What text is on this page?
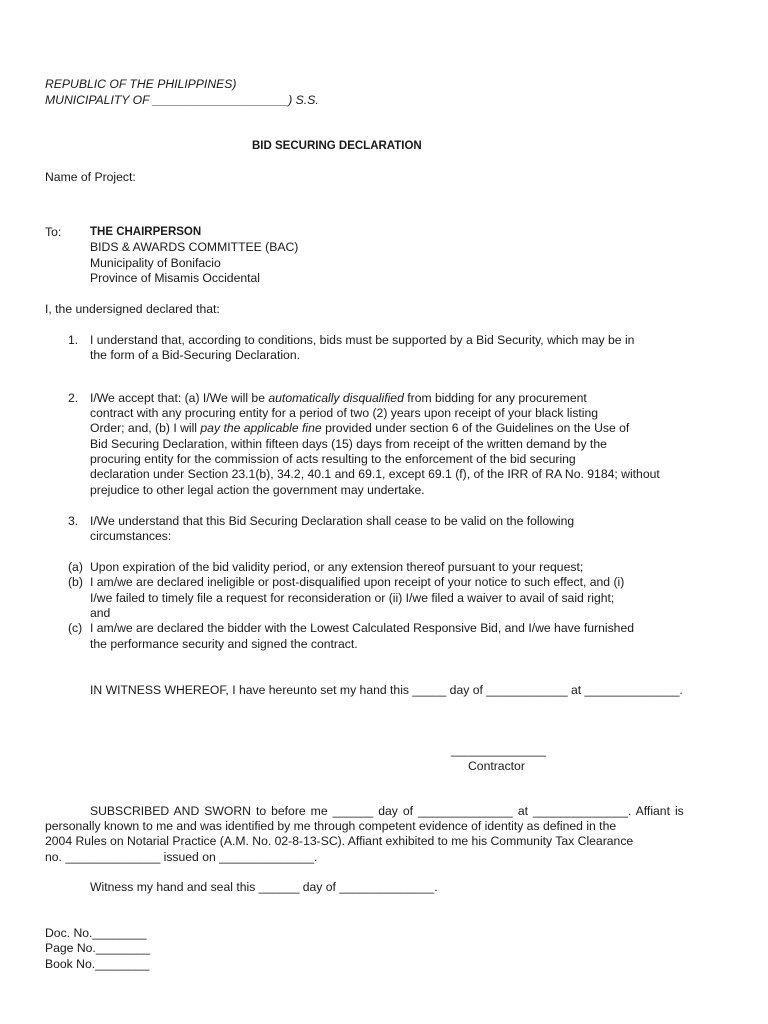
REPUBLIC OF THE PHILIPPINES)
MUNICIPALITY OF ____________________) S.S.
BID SECURING DECLARATION
Name of Project:
To: THE CHAIRPERSON
BIDS & AWARDS COMMITTEE (BAC)
Municipality of Bonifacio
Province of Misamis Occidental
I, the undersigned declared that:
1. I understand that, according to conditions, bids must be supported by a Bid Security, which may be in
the form of a Bid-Securing Declaration.
2. I/We accept that: (a) I/We will be automatically disqualified from bidding for any procurement
contract with any procuring entity for a period of two (2) years upon receipt of your black listing
Order; and, (b) I will pay the applicable fine provided under section 6 of the Guidelines on the Use of
Bid Securing Declaration, within fifteen days (15) days from receipt of the written demand by the
procuring entity for the commission of acts resulting to the enforcement of the bid securing
declaration under Section 23.1(b), 34.2, 40.1 and 69.1, except 69.1 (f), of the IRR of RA No. 9184; without
prejudice to other legal action the government may undertake.
3. I/We understand that this Bid Securing Declaration shall cease to be valid on the following
circumstances:
(a) Upon expiration of the bid validity period, or any extension thereof pursuant to your request;
(b) I am/we are declared ineligible or post-disqualified upon receipt of your notice to such effect, and (i)
I/we failed to timely file a request for reconsideration or (ii) I/we filed a waiver to avail of said right;
and
(c) I am/we are declared the bidder with the Lowest Calculated Responsive Bid, and I/we have furnished
the performance security and signed the contract.
IN WITNESS WHEREOF, I have hereunto set my hand this _____ day of ____________ at ______________.
______________
Contractor
SUBSCRIBED AND SWORN to before me ______ day of ______________ at ______________. Affiant is
personally known to me and was identified by me through competent evidence of identity as defined in the
2004 Rules on Notarial Practice (A.M. No. 02-8-13-SC). Affiant exhibited to me his Community Tax Clearance
no. ______________ issued on ______________.
Witness my hand and seal this ______ day of ______________.
Doc. No.________
Page No.________
Book No.________
